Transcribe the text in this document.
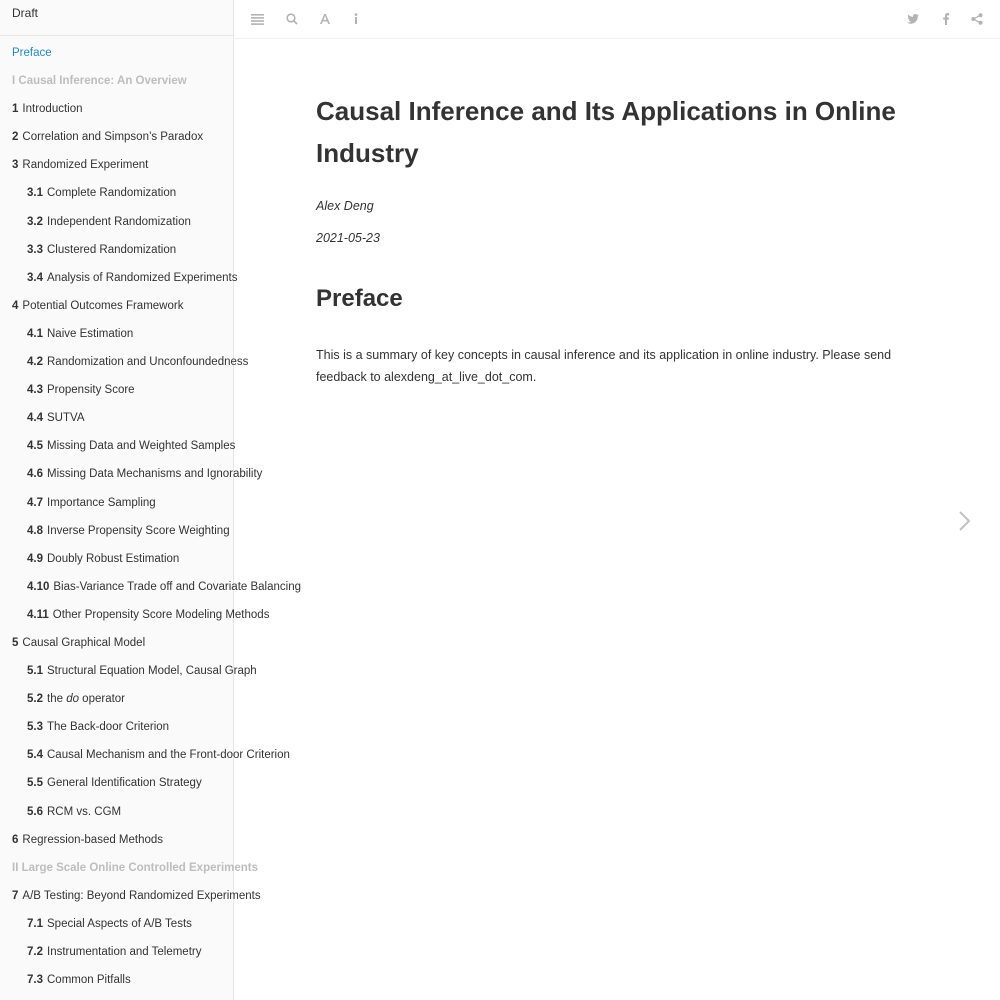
Draft
Preface
I Causal Inference: An Overview
1 Introduction
2 Correlation and Simpson’s Paradox
3 Randomized Experiment
3.1 Complete Randomization
3.2 Independent Randomization
3.3 Clustered Randomization
3.4 Analysis of Randomized Experiments
4 Potential Outcomes Framework
4.1 Naive Estimation
4.2 Randomization and Unconfoundedness
4.3 Propensity Score
4.4 SUTVA
4.5 Missing Data and Weighted Samples
4.6 Missing Data Mechanisms and Ignorability
4.7 Importance Sampling
4.8 Inverse Propensity Score Weighting
4.9 Doubly Robust Estimation
4.10 Bias-Variance Trade off and Covariate Balancing
4.11 Other Propensity Score Modeling Methods
5 Causal Graphical Model
5.1 Structural Equation Model, Causal Graph
5.2 the do operator
5.3 The Back-door Criterion
5.4 Causal Mechanism and the Front-door Criterion
5.5 General Identification Strategy
5.6 RCM vs. CGM
6 Regression-based Methods
II Large Scale Online Controlled Experiments
7 A/B Testing: Beyond Randomized Experiments
7.1 Special Aspects of A/B Tests
7.2 Instrumentation and Telemetry
7.3 Common Pitfalls
Causal Inference and Its Applications in Online Industry
Alex Deng
2021-05-23
Preface

This is a summary of key concepts in causal inference and its application in online industry. Please send feedback to alexdeng_at_live_dot_com.
